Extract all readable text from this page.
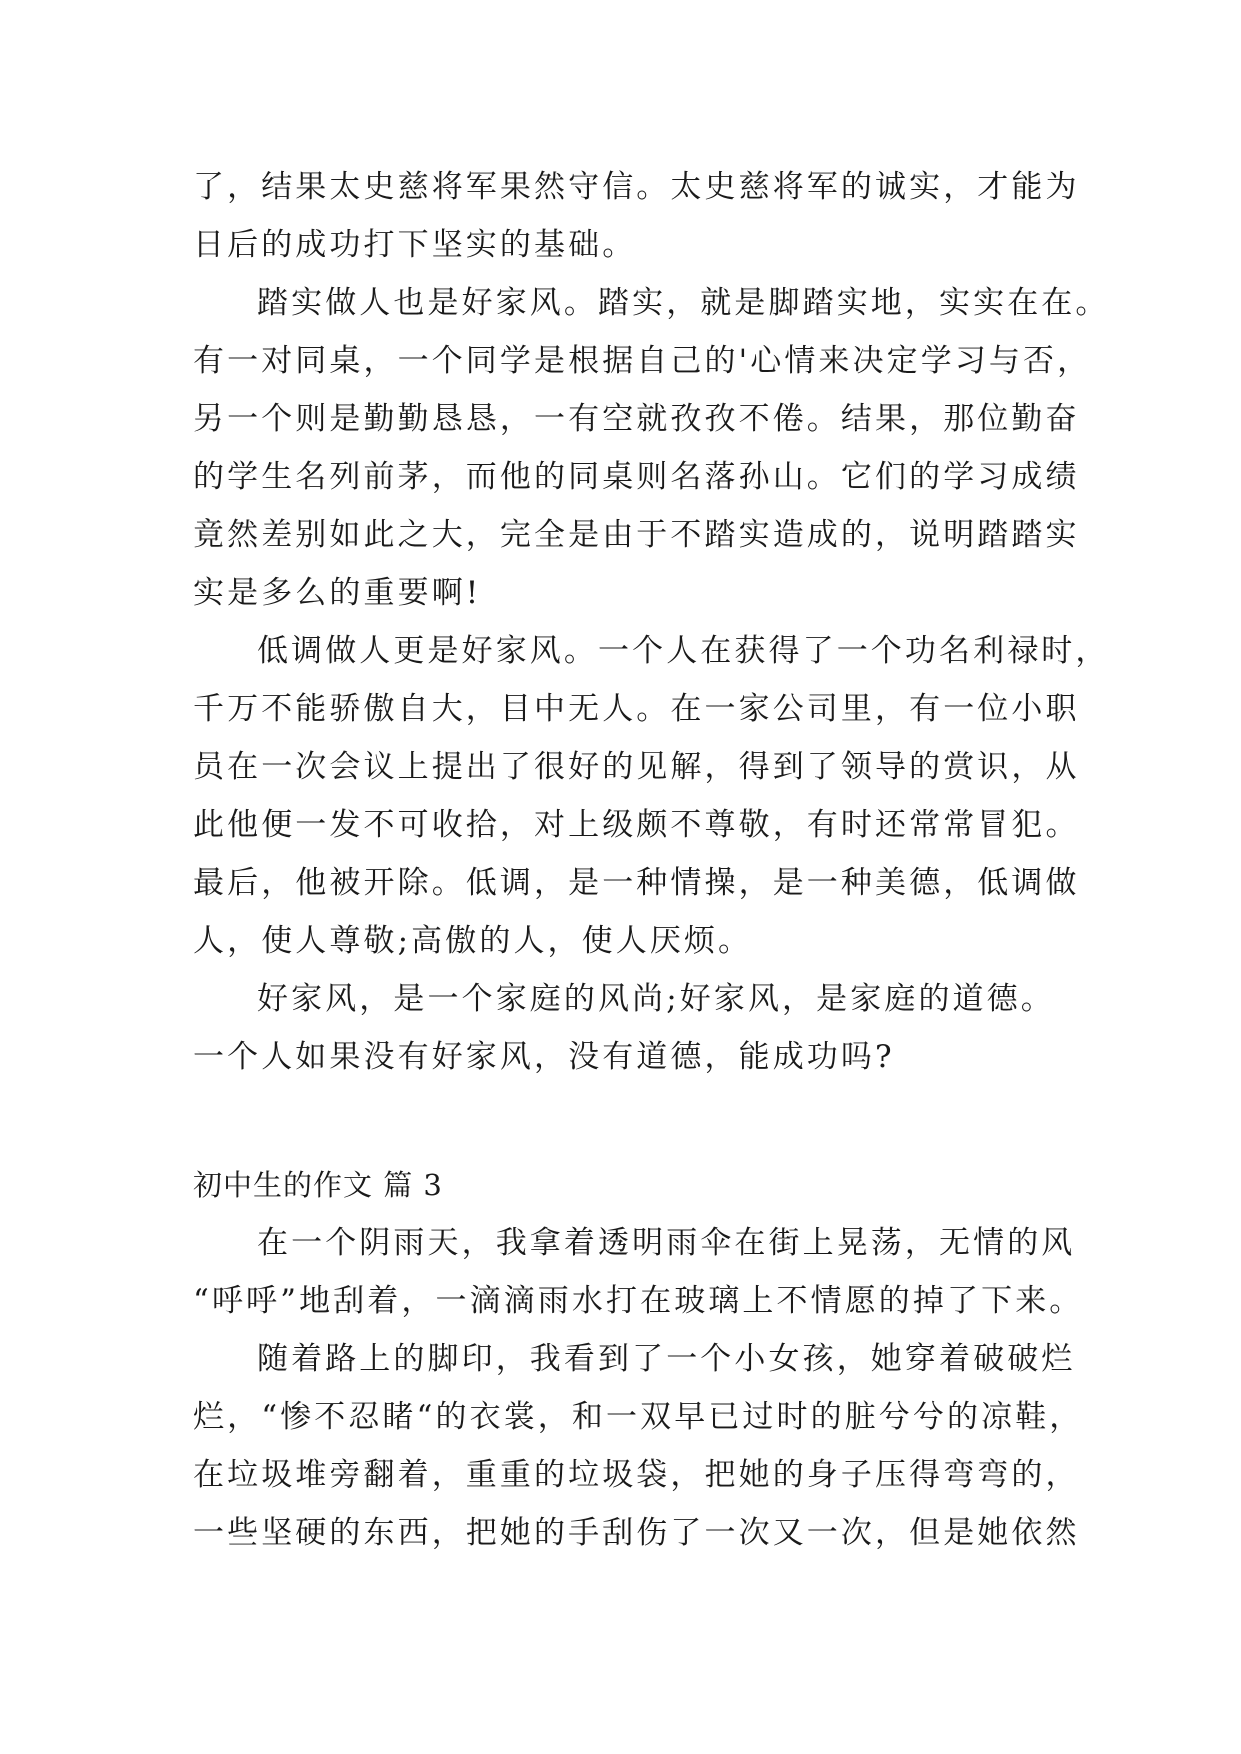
了，结果太史慈将军果然守信。太史慈将军的诚实，才能为
日后的成功打下坚实的基础。
踏实做人也是好家风。踏实，就是脚踏实地，实实在在。
有一对同桌，一个同学是根据自己的'心情来决定学习与否，
另一个则是勤勤恳恳，一有空就孜孜不倦。结果，那位勤奋
的学生名列前茅，而他的同桌则名落孙山。它们的学习成绩
竟然差别如此之大，完全是由于不踏实造成的，说明踏踏实
实是多么的重要啊!
低调做人更是好家风。一个人在获得了一个功名利禄时，
千万不能骄傲自大，目中无人。在一家公司里，有一位小职
员在一次会议上提出了很好的见解，得到了领导的赏识，从
此他便一发不可收拾，对上级颇不尊敬，有时还常常冒犯。
最后，他被开除。低调，是一种情操，是一种美德，低调做
人，使人尊敬;高傲的人，使人厌烦。
好家风，是一个家庭的风尚;好家风，是家庭的道德。
一个人如果没有好家风，没有道德，能成功吗?
初中生的作文 篇 3
在一个阴雨天，我拿着透明雨伞在街上晃荡，无情的风
“呼呼”地刮着，一滴滴雨水打在玻璃上不情愿的掉了下来。
随着路上的脚印，我看到了一个小女孩，她穿着破破烂
烂，“惨不忍睹“的衣裳，和一双早已过时的脏兮兮的凉鞋，
在垃圾堆旁翻着，重重的垃圾袋，把她的身子压得弯弯的，
一些坚硬的东西，把她的手刮伤了一次又一次，但是她依然
